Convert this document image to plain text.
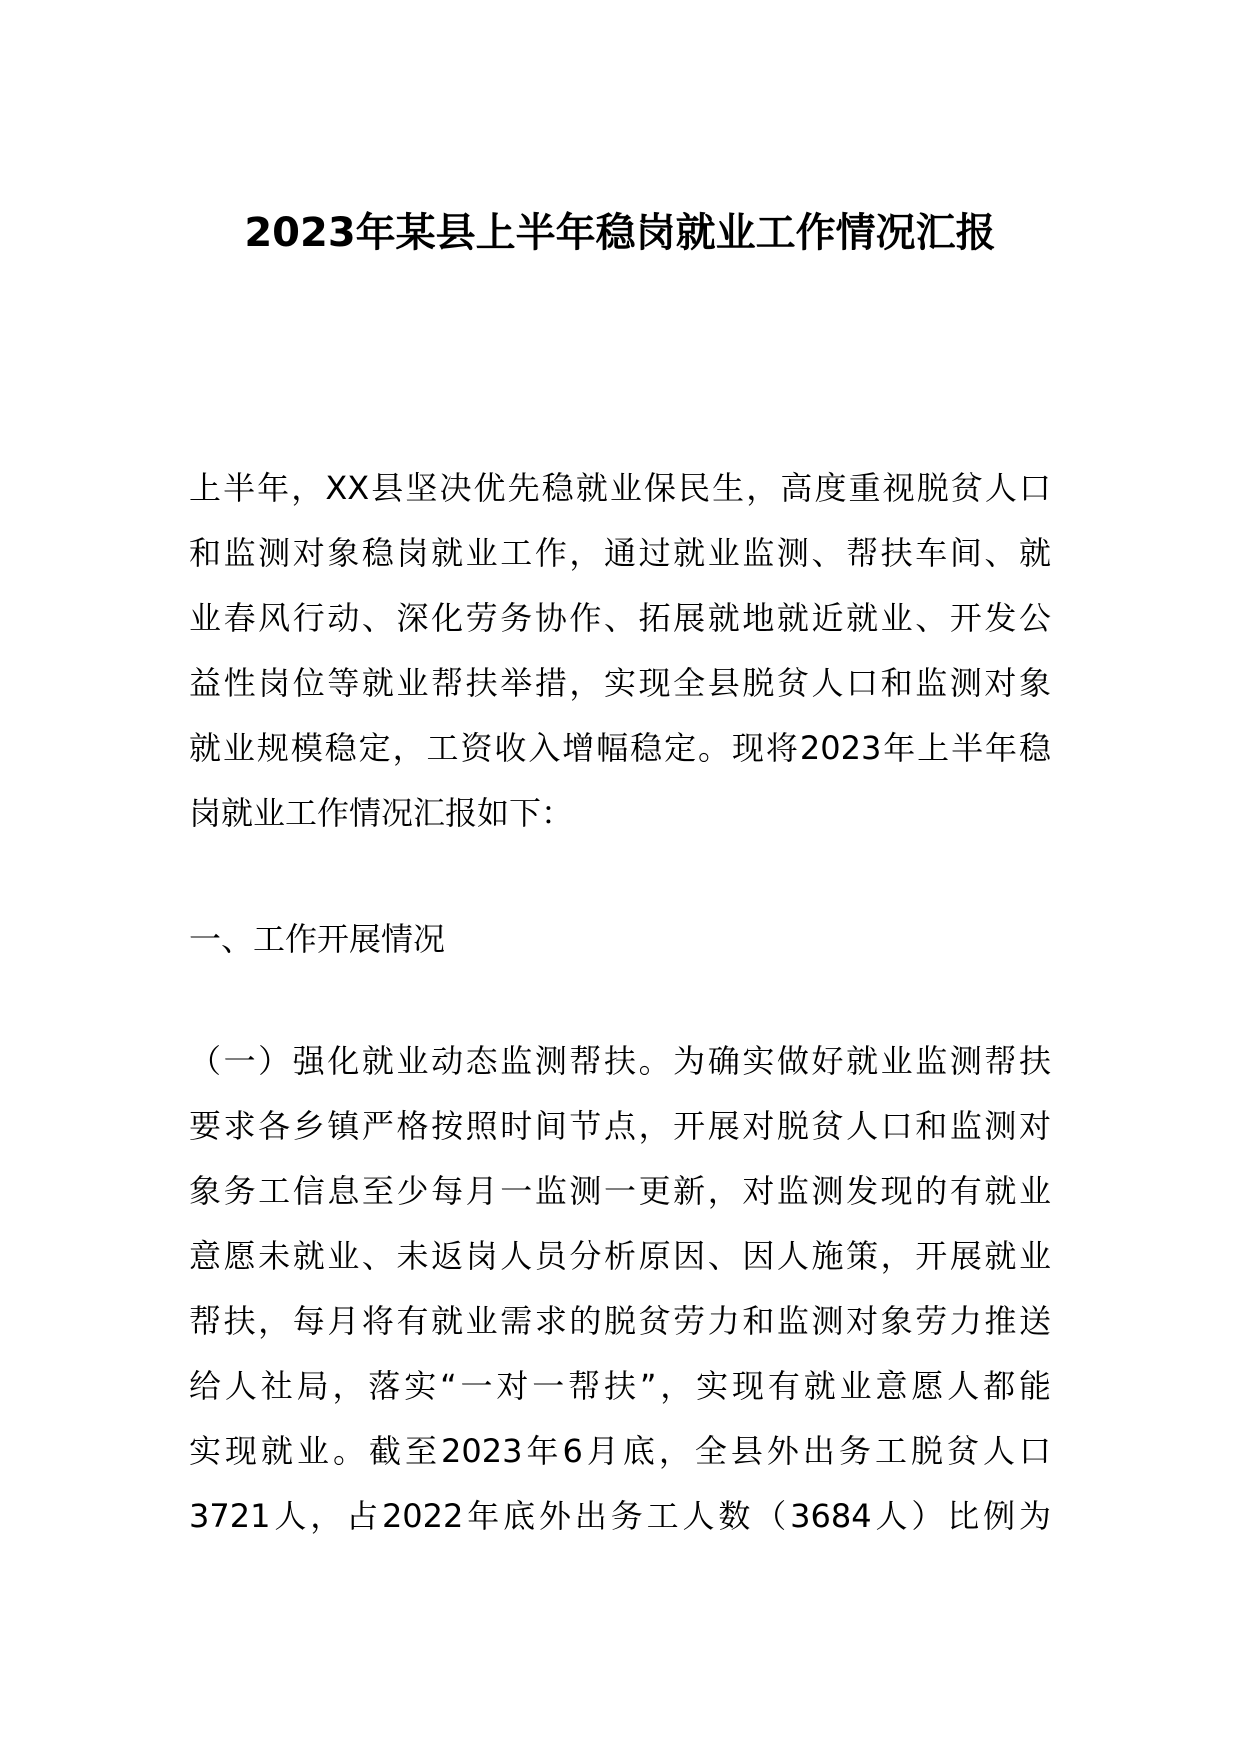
2023年某县上半年稳岗就业工作情况汇报
上半年，XX县坚决优先稳就业保民生，高度重视脱贫人口
和监测对象稳岗就业工作，通过就业监测、帮扶车间、就
业春风行动、深化劳务协作、拓展就地就近就业、开发公
益性岗位等就业帮扶举措，实现全县脱贫人口和监测对象
就业规模稳定，工资收入增幅稳定。现将2023年上半年稳
岗就业工作情况汇报如下：
一、工作开展情况
（一）强化就业动态监测帮扶。为确实做好就业监测帮扶
要求各乡镇严格按照时间节点，开展对脱贫人口和监测对
象务工信息至少每月一监测一更新，对监测发现的有就业
意愿未就业、未返岗人员分析原因、因人施策，开展就业
帮扶，每月将有就业需求的脱贫劳力和监测对象劳力推送
给人社局，落实“一对一帮扶”，实现有就业意愿人都能
实现就业。截至2023年6月底，全县外出务工脱贫人口
3721人，占2022年底外出务工人数（3684人）比例为
